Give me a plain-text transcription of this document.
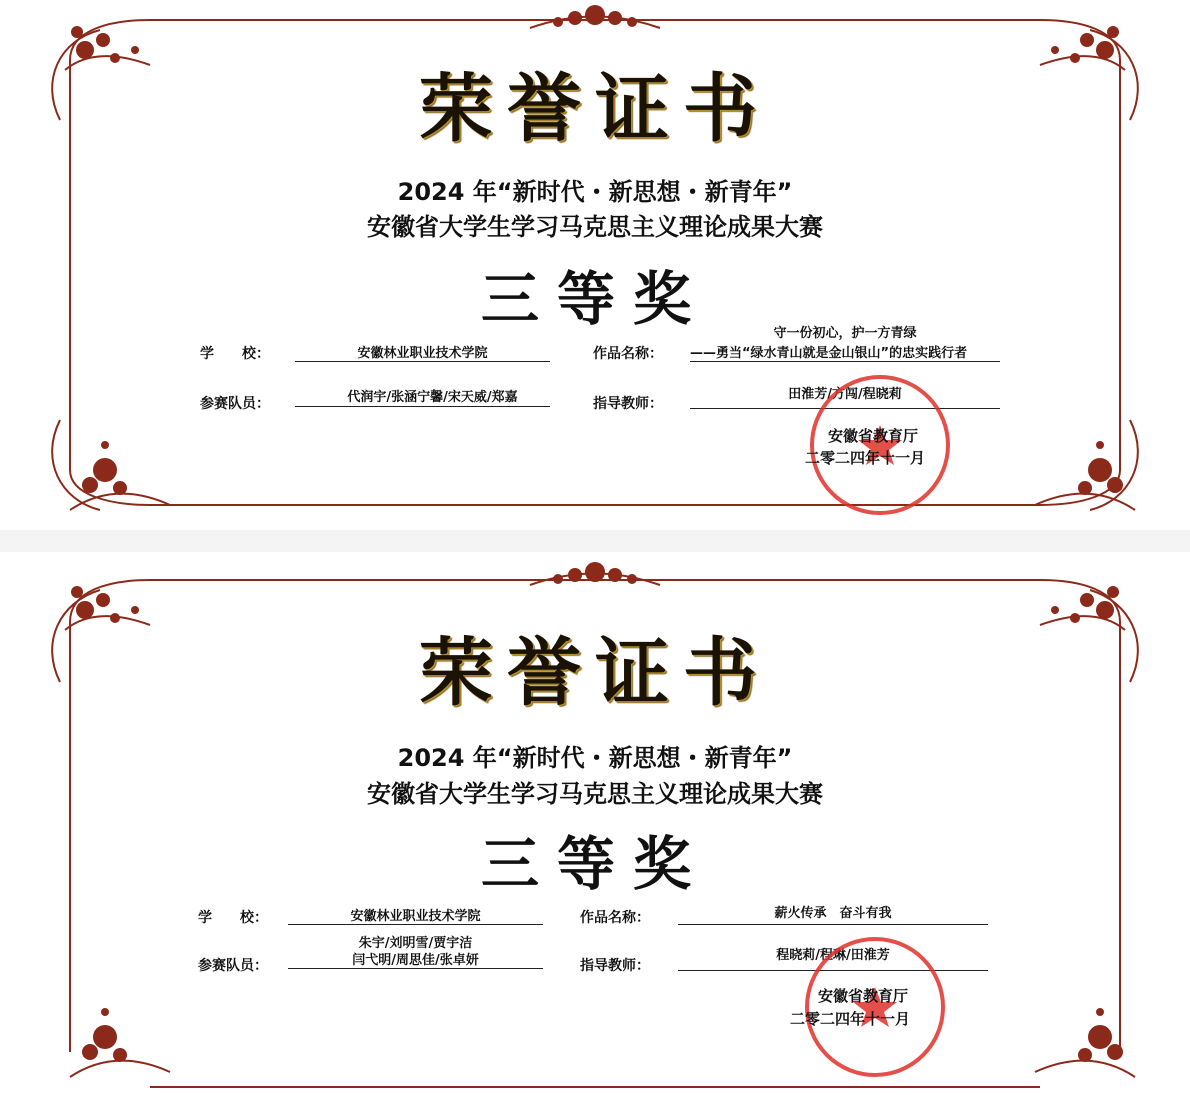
荣誉证书
2024 年“新时代・新思想・新青年”
安徽省大学生学习马克思主义理论成果大赛
三等奖
学　　校：	安徽林业职业技术学院	作品名称：
守一份初心，护一方青绿
——勇当“绿水青山就是金山银山”的忠实践行者
参赛队员：	代润宇/张涵宁馨/宋天威/郑嘉	指导教师：
田淮芳/方闯/程晓莉
安徽省教育厅
二零二四年十一月
荣誉证书
2024 年“新时代・新思想・新青年”
安徽省大学生学习马克思主义理论成果大赛
三等奖
学　　校：	安徽林业职业技术学院	作品名称：	薪火传承　奋斗有我
参赛队员：
朱宇/刘明雪/贾宇洁
闫弋明/周思佳/张卓妍	指导教师：
程晓莉/程琳/田淮芳
安徽省教育厅
二零二四年十一月
